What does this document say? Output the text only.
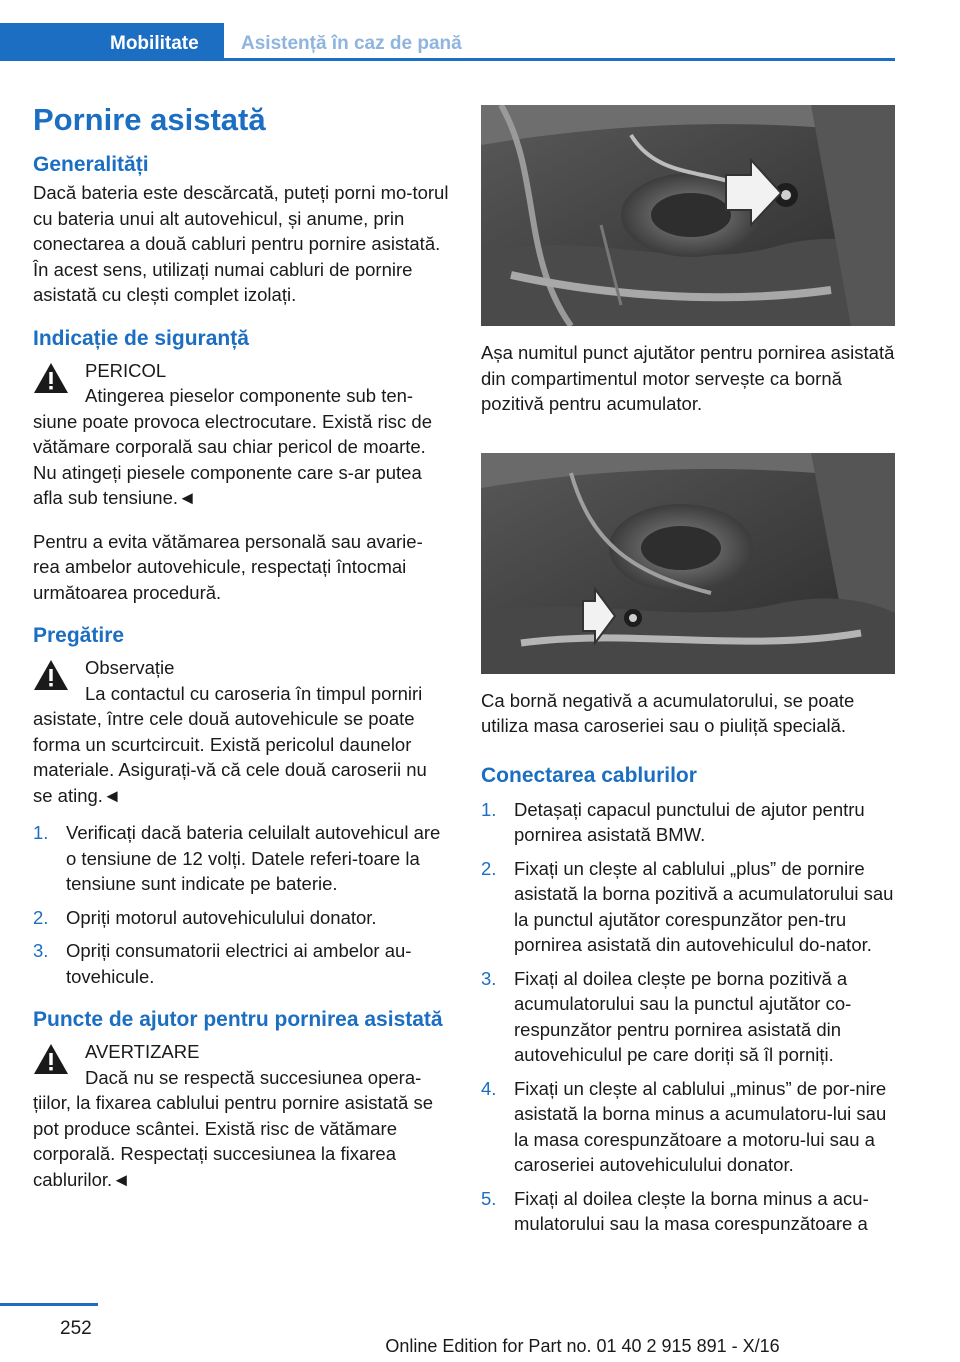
Mobilitate	Asistență în caz de pană
Pornire asistată
Generalități

Dacă bateria este descărcată, puteți porni mo-torul cu bateria unui alt autovehicul, și anume, prin conectarea a două cabluri pentru pornire asistată. În acest sens, utilizați numai cabluri de pornire asistată cu clești complet izolați.

Indicație de siguranță
PERICOL
Atingerea pieselor componente sub ten-
siune poate provoca electrocutare. Există risc de vătămare corporală sau chiar pericol de moarte. Nu atingeți piesele componente care s-ar putea afla sub tensiune.◄

Pentru a evita vătămarea personală sau avarie-rea ambelor autovehicule, respectați întocmai următoarea procedură.

Pregătire
Observație
La contactul cu caroseria în timpul porniri
asistate, între cele două autovehicule se poate forma un scurtcircuit. Există pericolul daunelor materiale. Asigurați-vă că cele două caroserii nu se ating.◄
1. Verificați dacă bateria celuilalt autovehicul are o tensiune de 12 volți. Datele referi-toare la tensiune sunt indicate pe baterie.
2. Opriți motorul autovehiculului donator.
3. Opriți consumatorii electrici ai ambelor au-tovehicule.
Puncte de ajutor pentru pornirea asistată
AVERTIZARE
Dacă nu se respectă succesiunea opera-
țiilor, la fixarea cablului pentru pornire asistată se pot produce scântei. Există risc de vătămare corporală. Respectați succesiunea la fixarea cablurilor.◄

Așa numitul punct ajutător pentru pornirea asistată din compartimentul motor servește ca bornă pozitivă pentru acumulator.

Ca bornă negativă a acumulatorului, se poate utiliza masa caroseriei sau o piuliță specială.

Conectarea cablurilor
1. Detașați capacul punctului de ajutor pentru pornirea asistată BMW.
2. Fixați un clește al cablului „plus” de pornire asistată la borna pozitivă a acumulatorului sau la punctul ajutător corespunzător pen-tru pornirea asistată din autovehiculul do-nator.
3. Fixați al doilea clește pe borna pozitivă a acumulatorului sau la punctul ajutător co-respunzător pentru pornirea asistată din autovehiculul pe care doriți să îl porniți.
4. Fixați un clește al cablului „minus” de por-nire asistată la borna minus a acumulatoru-lui sau la masa corespunzătoare a motoru-lui sau a caroseriei autovehiculului donator.
5. Fixați al doilea clește la borna minus a acu-mulatorului sau la masa corespunzătoare a
252
Online Edition for Part no. 01 40 2 915 891 - X/16
